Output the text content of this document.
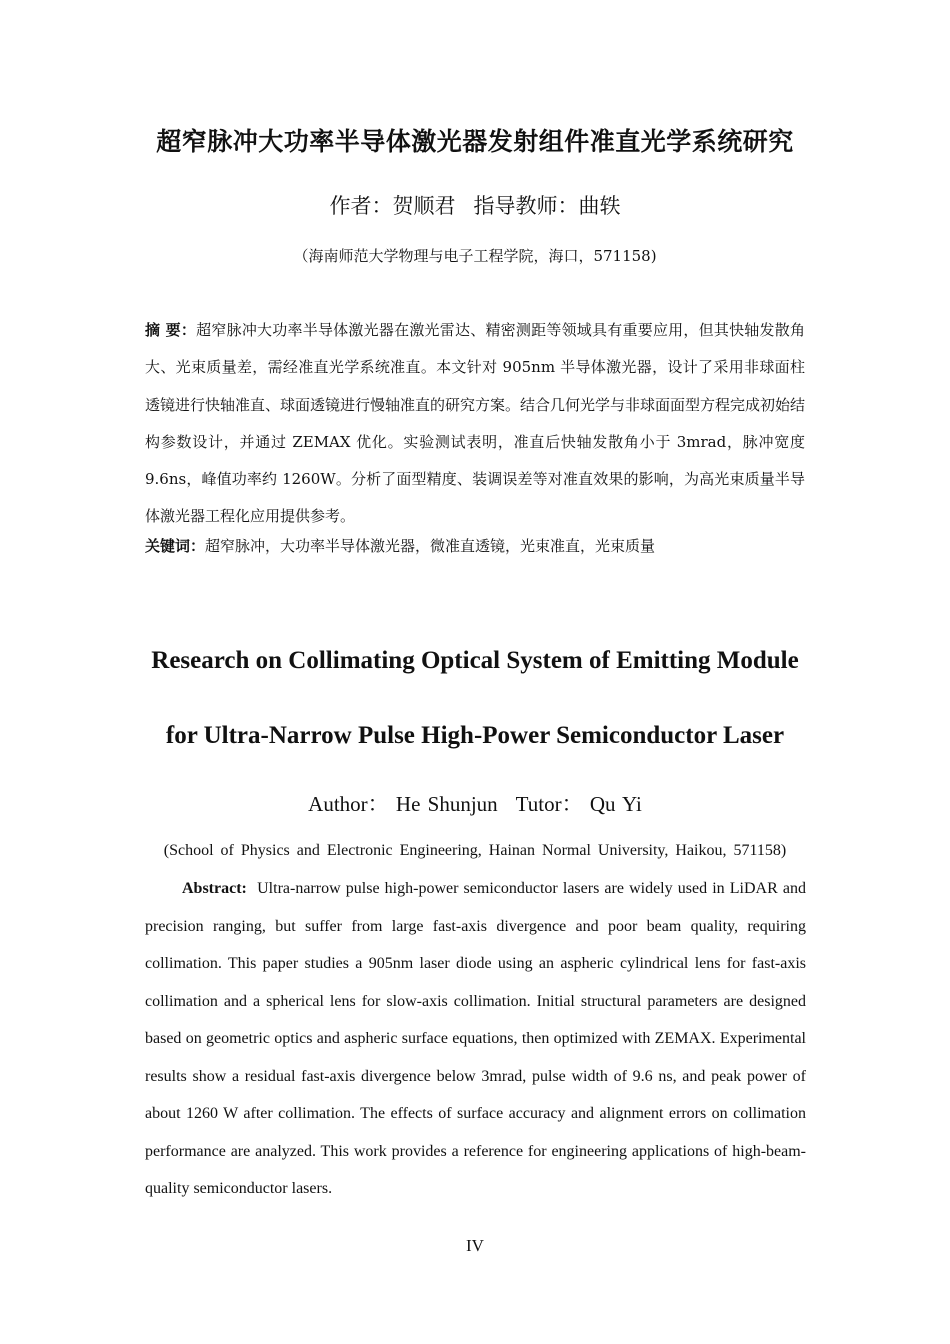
超窄脉冲大功率半导体激光器发射组件准直光学系统研究
作者：贺顺君 指导教师：曲轶
（海南师范大学物理与电子工程学院，海口，571158)
摘 要：超窄脉冲大功率半导体激光器在激光雷达、精密测距等领域具有重要应用，但其快轴发散角大、光束质量差，需经准直光学系统准直。本文针对 905nm 半导体激光器，设计了采用非球面柱透镜进行快轴准直、球面透镜进行慢轴准直的研究方案。结合几何光学与非球面面型方程完成初始结构参数设计，并通过 ZEMAX 优化。实验测试表明，准直后快轴发散角小于 3mrad，脉冲宽度 9.6ns，峰值功率约 1260W。分析了面型精度、装调误差等对准直效果的影响，为高光束质量半导体激光器工程化应用提供参考。
关键词：超窄脉冲，大功率半导体激光器，微准直透镜，光束准直，光束质量
Research on Collimating Optical System of Emitting Module
for Ultra-Narrow Pulse High-Power Semiconductor Laser
Author： He Shunjun Tutor： Qu Yi
(School of Physics and Electronic Engineering, Hainan Normal University, Haikou, 571158)
Abstract: Ultra-narrow pulse high-power semiconductor lasers are widely used in LiDAR and precision ranging, but suffer from large fast-axis divergence and poor beam quality, requiring collimation. This paper studies a 905nm laser diode using an aspheric cylindrical lens for fast-axis collimation and a spherical lens for slow-axis collimation. Initial structural parameters are designed based on geometric optics and aspheric surface equations, then optimized with ZEMAX. Experimental results show a residual fast-axis divergence below 3mrad, pulse width of 9.6 ns, and peak power of about 1260 W after collimation. The effects of surface accuracy and alignment errors on collimation performance are analyzed. This work provides a reference for engineering applications of high-beam-quality semiconductor lasers.
IV
